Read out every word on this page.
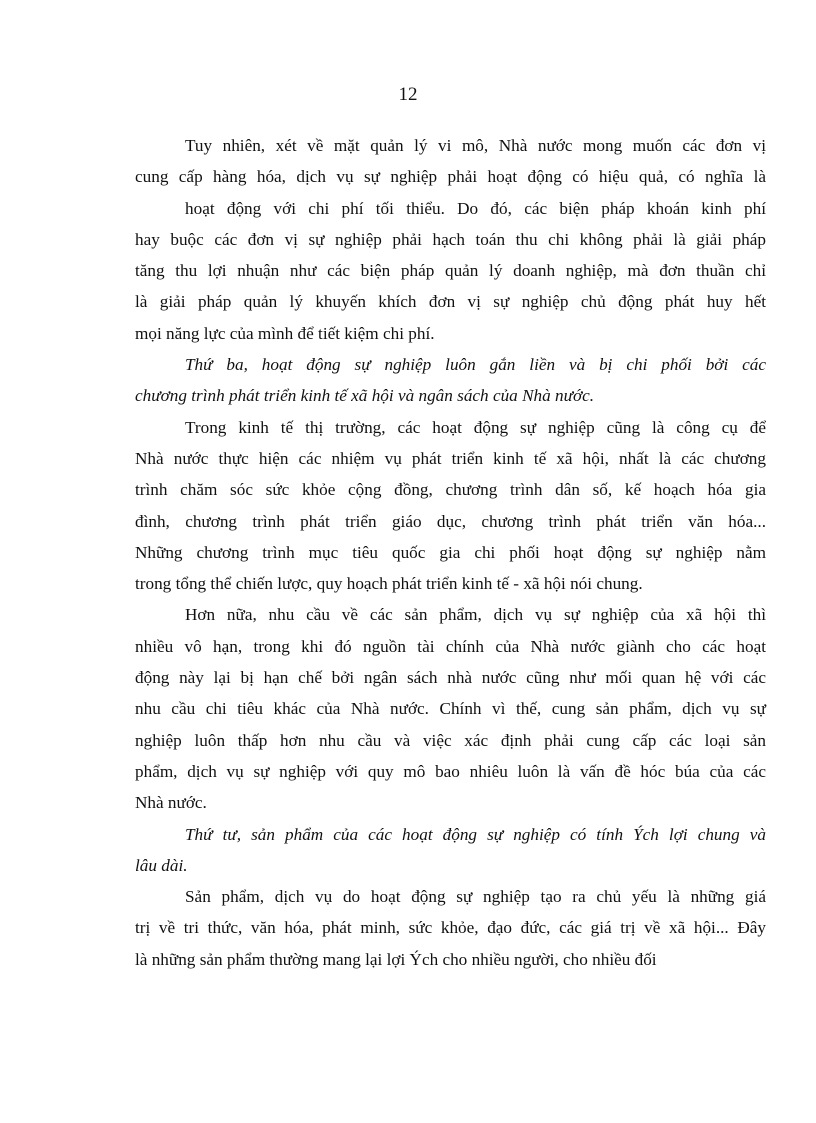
12
Tuy nhiên, xét về mặt quản lý vi mô, Nhà nước mong muốn các đơn vị
cung cấp hàng hóa, dịch vụ sự nghiệp phải hoạt động có hiệu quả, có nghĩa là
hoạt động với chi phí tối thiểu. Do đó, các biện pháp khoán kinh phí
hay buộc các đơn vị sự nghiệp phải hạch toán thu chi không phải là giải pháp
tăng thu lợi nhuận như các biện pháp quản lý doanh nghiệp, mà đơn thuần chỉ
là giải pháp quản lý khuyến khích đơn vị sự nghiệp chủ động phát huy hết
mọi năng lực của mình để tiết kiệm chi phí.
Thứ ba, hoạt động sự nghiệp luôn gắn liền và bị chi phối bởi các
chương trình phát triển kinh tế xã hội và ngân sách của Nhà nước.
Trong kinh tế thị trường, các hoạt động sự nghiệp cũng là công cụ để
Nhà nước thực hiện các nhiệm vụ phát triển kinh tế xã hội, nhất là các chương
trình chăm sóc sức khỏe cộng đồng, chương trình dân số, kế hoạch hóa gia
đình, chương trình phát triển giáo dục, chương trình phát triển văn hóa...
Những chương trình mục tiêu quốc gia chi phối hoạt động sự nghiệp nằm
trong tổng thể chiến lược, quy hoạch phát triển kinh tế - xã hội nói chung.
Hơn nữa, nhu cầu về các sản phẩm, dịch vụ sự nghiệp của xã hội thì
nhiều vô hạn, trong khi đó nguồn tài chính của Nhà nước giành cho các hoạt
động này lại bị hạn chế bởi ngân sách nhà nước cũng như mối quan hệ với các
nhu cầu chi tiêu khác của Nhà nước. Chính vì thế, cung sản phẩm, dịch vụ sự
nghiệp luôn thấp hơn nhu cầu và việc xác định phải cung cấp các loại sản
phẩm, dịch vụ sự nghiệp với quy mô bao nhiêu luôn là vấn đề hóc búa của các
Nhà nước.
Thứ tư, sản phẩm của các hoạt động sự nghiệp có tính Ých lợi chung và
lâu dài.
Sản phẩm, dịch vụ do hoạt động sự nghiệp tạo ra chủ yếu là những giá
trị về tri thức, văn hóa, phát minh, sức khỏe, đạo đức, các giá trị về xã hội... Đây
là những sản phẩm thường mang lại lợi Ých cho nhiều người, cho nhiều đối
